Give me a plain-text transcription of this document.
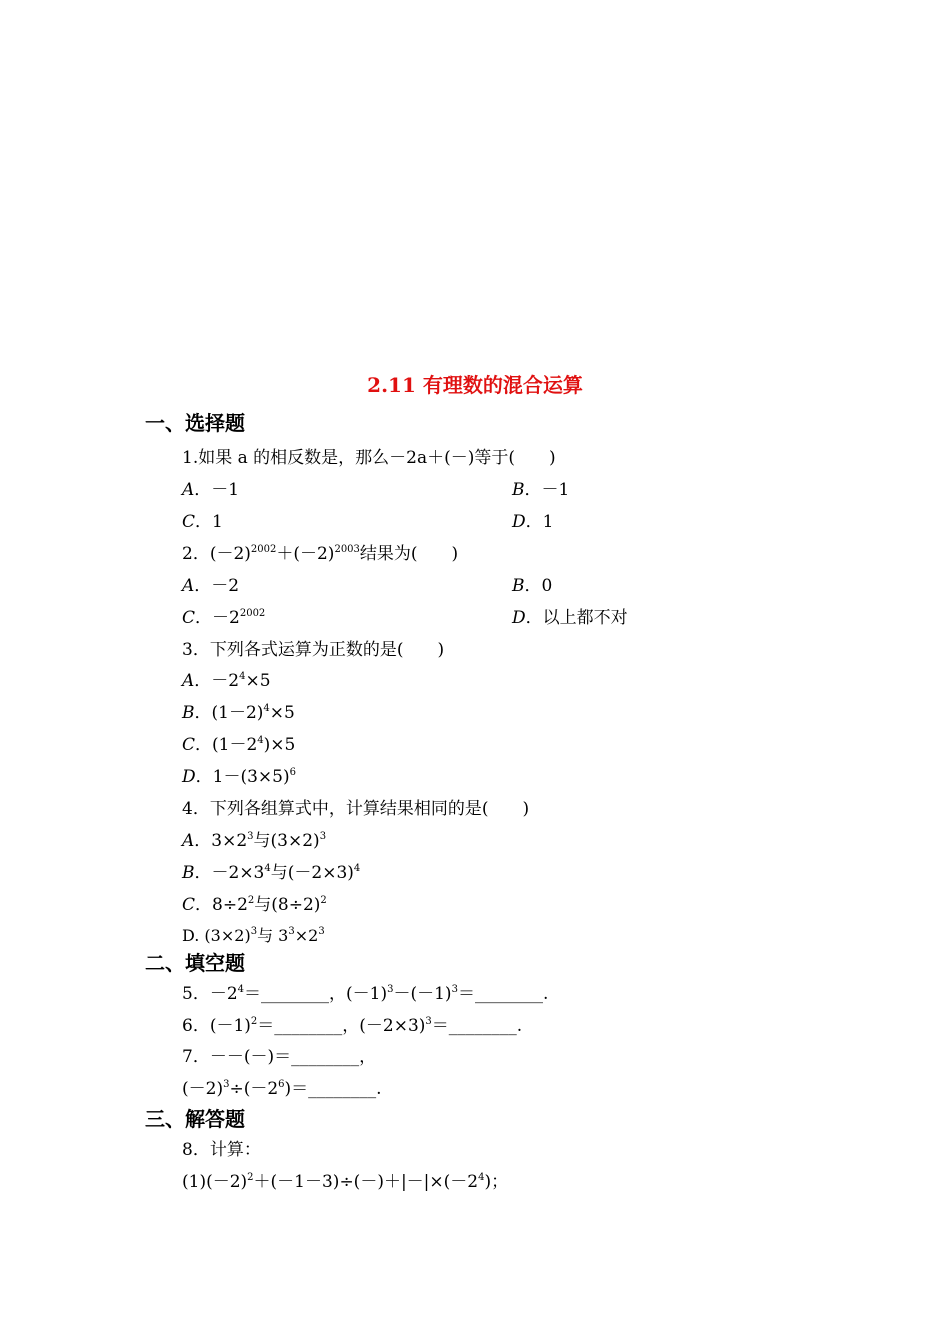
2.11 有理数的混合运算
一、选择题
1.如果 a 的相反数是，那么－2a＋(－)等于(　　)
A．－1	B．－1
C．1	D．1
2．$(-2)^{2002}+(-2)^{2003}$结果为(　　)
A．－2	B．0
C．$-2^{2002}$	D．以上都不对
3．下列各式运算为正数的是(　　)
A．$-2^4\times 5$
B．$(1-2)^4\times 5$
C．$(1-2^4)\times 5$
D．$1-(3\times 5)^6$
4．下列各组算式中，计算结果相同的是(　　)
A．$3\times 2^3$与$(3\times 2)^3$
B．$-2\times 3^4$与$(-2\times 3)^4$
C．$8\div 2^2$与$(8\div 2)^2$
D. $(3\times 2)^3$与 $3^3\times 2^3$
二、填空题
5．$-2^4=\_\_\_\_\_\_\_\_$，$(-1)^3-(-1)^3=\_\_\_\_\_\_\_\_$.
6．$(-1)^2=\_\_\_\_\_\_\_\_$，$(-2\times 3)^3=\_\_\_\_\_\_\_\_$.
7．－－(－)＝________，
$(-2)^3\div(-2^6)=\_\_\_\_\_\_\_\_$.
三、解答题
8．计算：
$(1)(-2)^2+(-1-3)\div(-)+|-|\times(-2^4)$；
